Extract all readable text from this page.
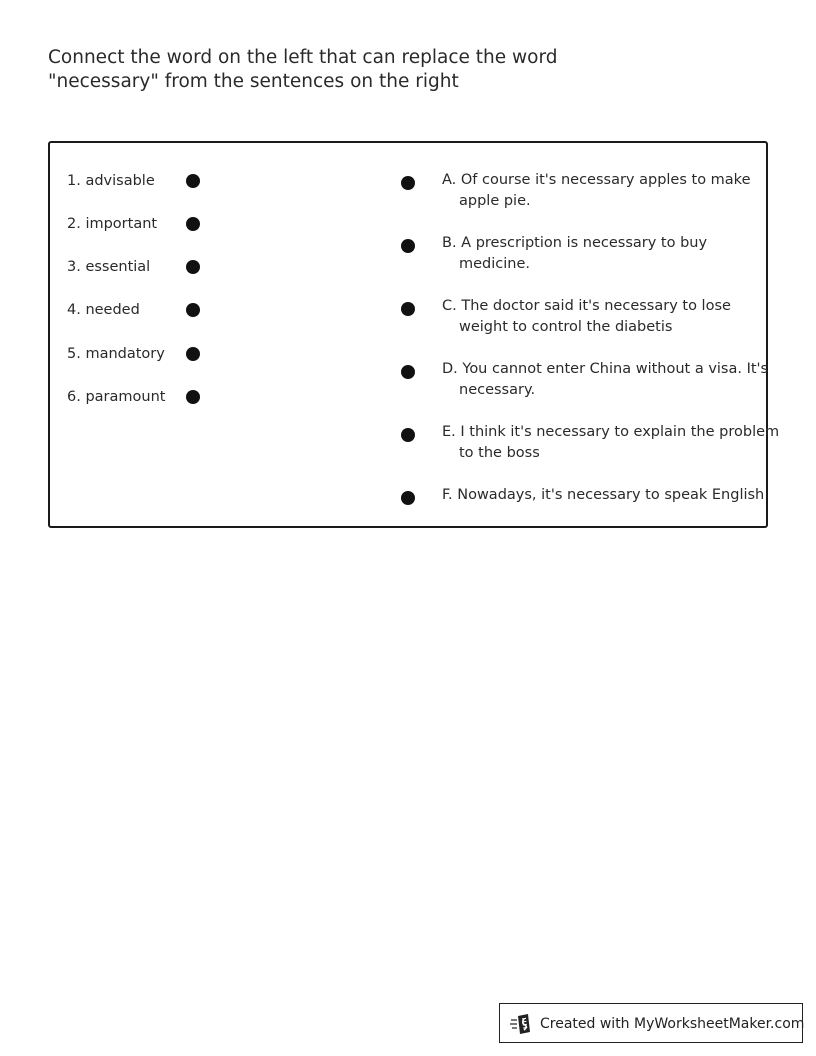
Connect the word on the left that can replace the word
"necessary" from the sentences on the right
1. advisable
2. important
3. essential
4. needed
5. mandatory
6. paramount
A. Of course it's necessary apples to make
apple pie.
B. A prescription is necessary to buy
medicine.
C. The doctor said it's necessary to lose
weight to control the diabetis
D. You cannot enter China without a visa. It's
necessary.
E. I think it's necessary to explain the problem
to the boss
F. Nowadays, it's necessary to speak English
Created with MyWorksheetMaker.com
